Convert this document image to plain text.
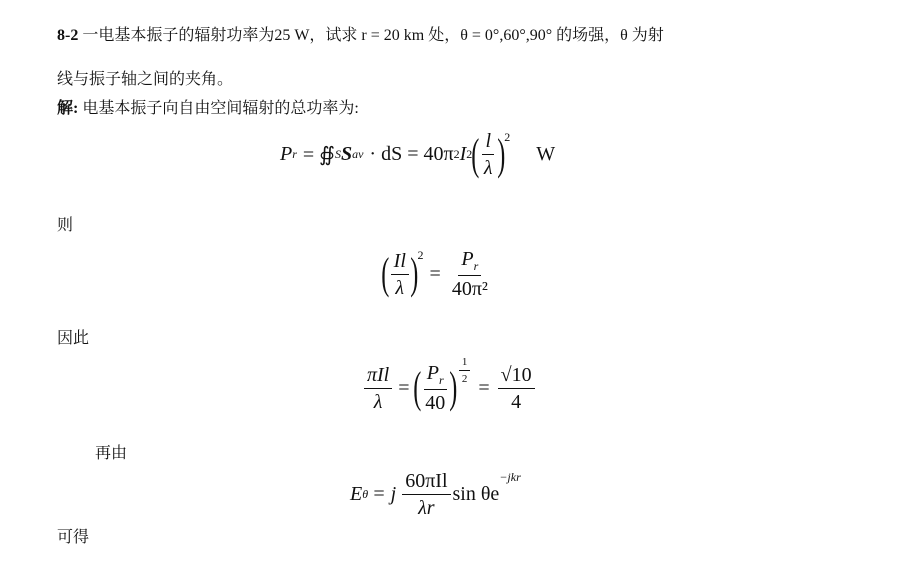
8-2 一电基本振子的辐射功率为25 W，试求 r = 20 km 处，θ = 0°,60°,90° 的场强，θ 为射
线与振子轴之间的夹角。
解: 电基本振子向自由空间辐射的总功率为:
P r = ∯ S S av · dS = 40π 2 I 2 ( $\frac{l}{\lambda} )^2$
W
则
( $\frac{Il}{\lambda} )^2$
= $\frac{P_r}{\text{40π²}}$
因此
$\frac{\text{πIl}}{\lambda}$ = ( $\frac{P_r}{40}$ ) $\frac{1}{2}$
= $\frac{√10}{4}$
再由
E θ = j $\frac{\text{60πIl}}{\lambda r}$ sin θe
$^{-jkr}$
可得
